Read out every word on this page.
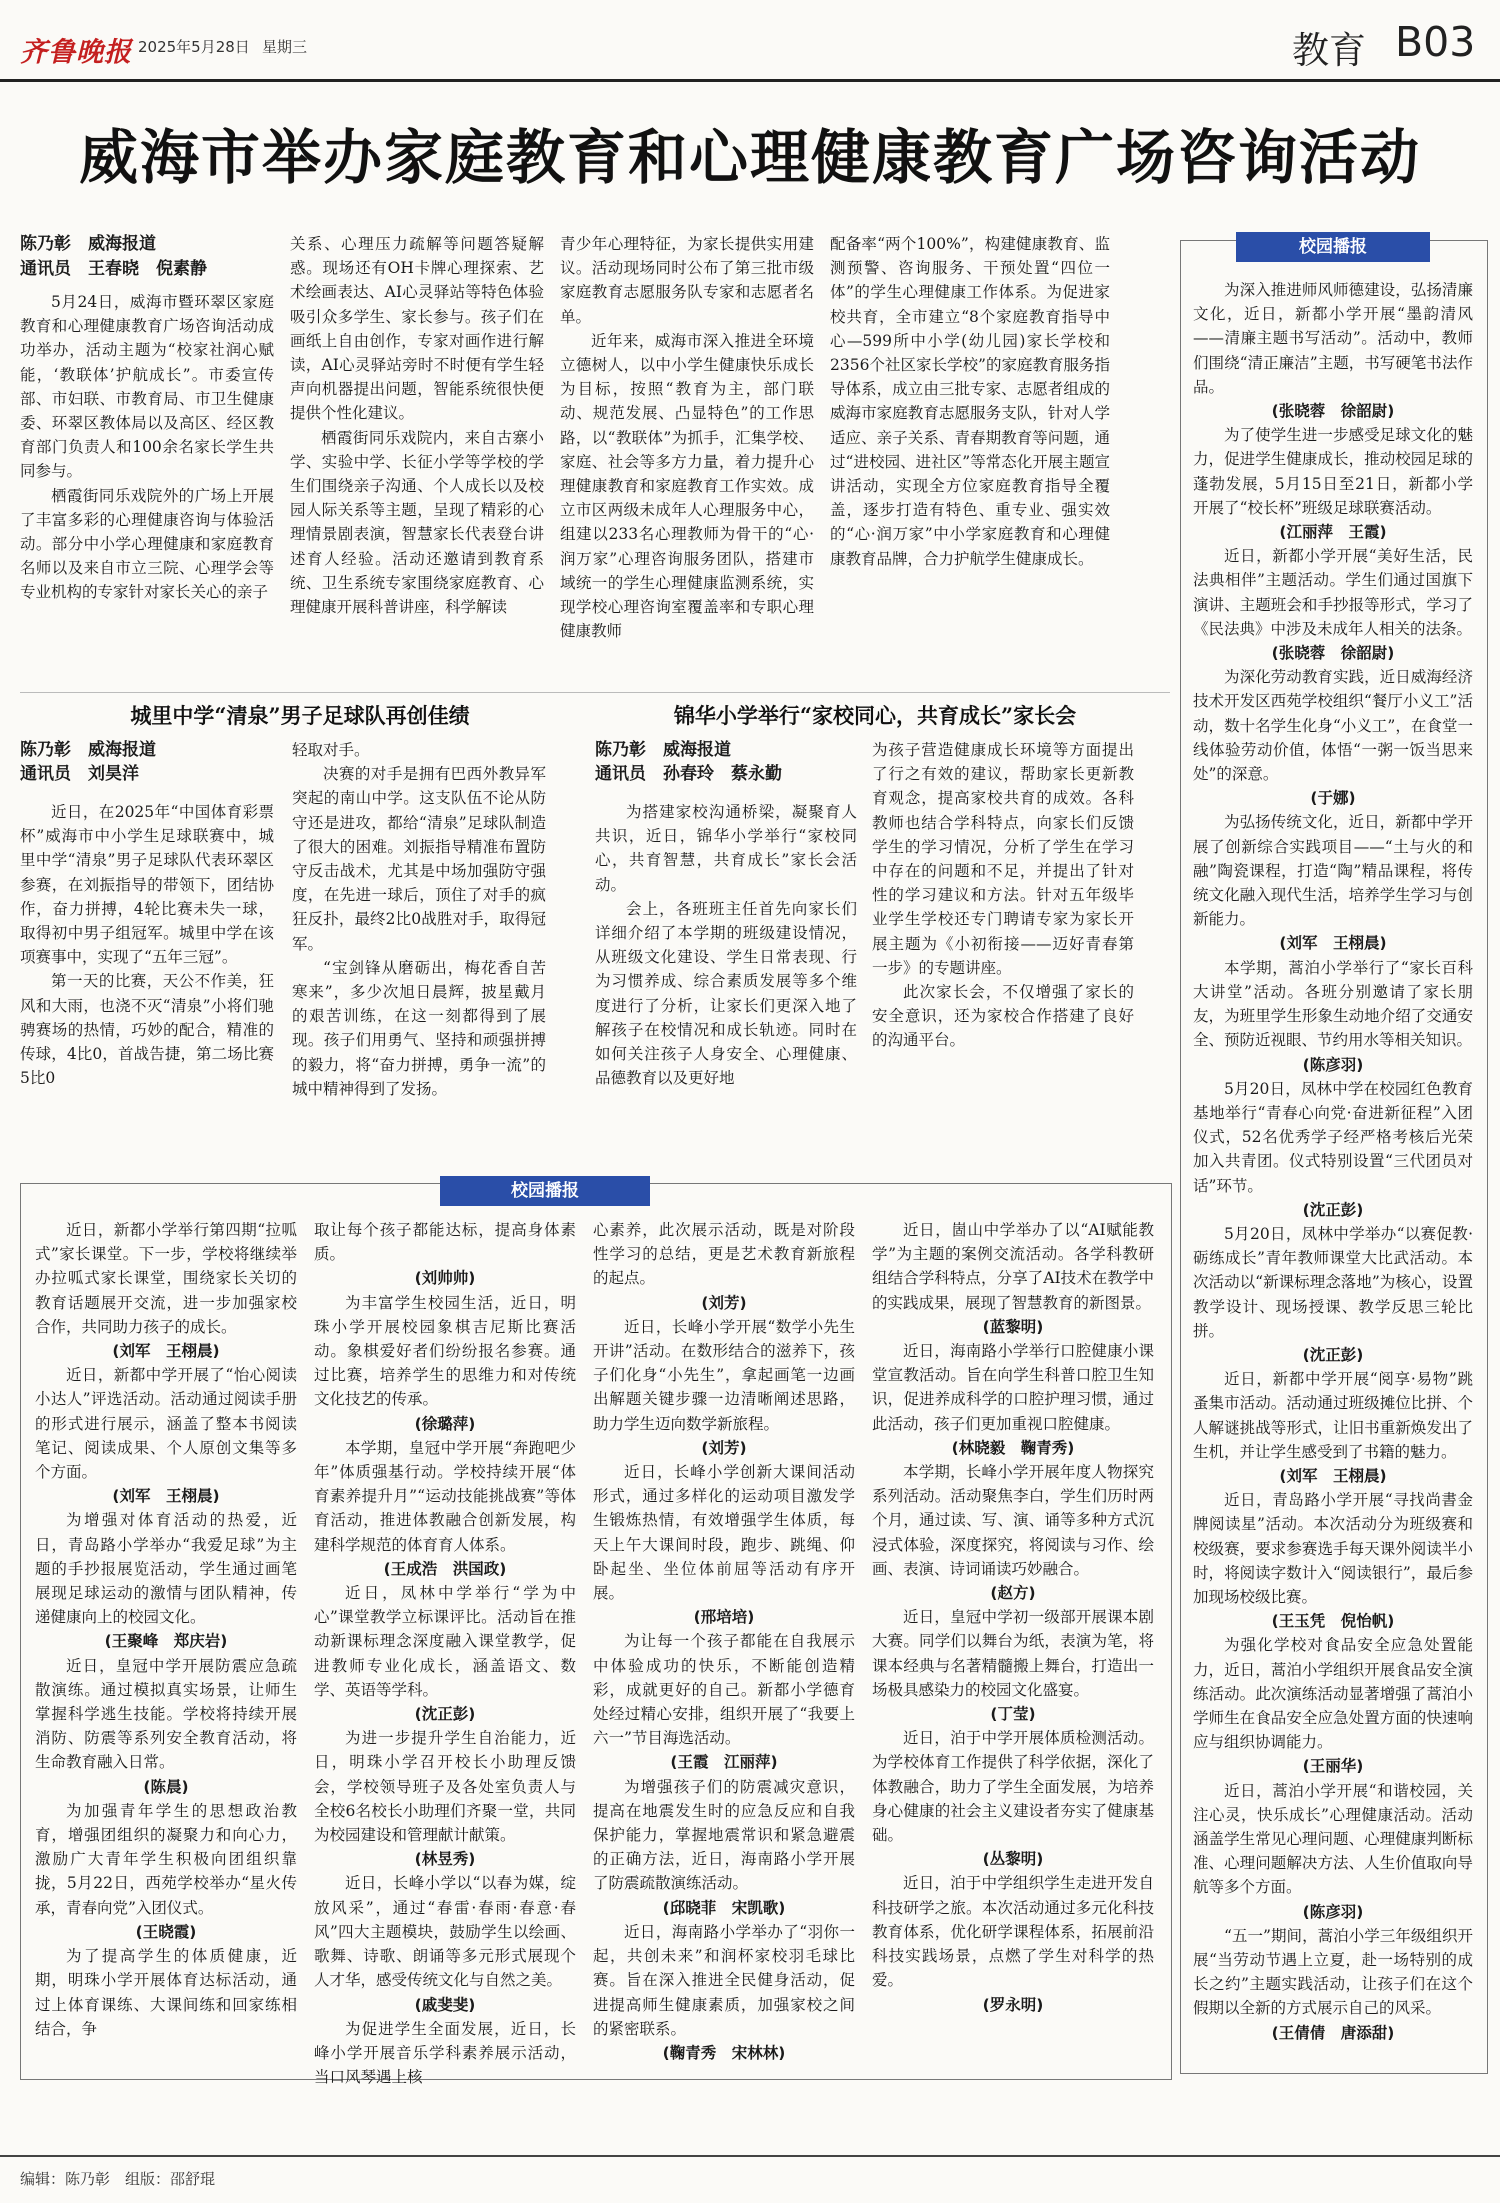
齐鲁晚报 2025年5月28日 星期三	教育 B03
威海市举办家庭教育和心理健康教育广场咨询活动
陈乃彰　威海报道
通讯员　王春晓　倪素静

5月24日，威海市暨环翠区家庭教育和心理健康教育广场咨询活动成功举办，活动主题为“校家社润心赋能，‘教联体’护航成长”。市委宣传部、市妇联、市教育局、市卫生健康委、环翠区教体局以及高区、经区教育部门负责人和100余名家长学生共同参与。

栖霞街同乐戏院外的广场上开展了丰富多彩的心理健康咨询与体验活动。部分中小学心理健康和家庭教育名师以及来自市立三院、心理学会等专业机构的专家针对家长关心的亲子

关系、心理压力疏解等问题答疑解惑。现场还有OH卡牌心理探索、艺术绘画表达、AI心灵驿站等特色体验吸引众多学生、家长参与。孩子们在画纸上自由创作，专家对画作进行解读，AI心灵驿站旁时不时便有学生轻声向机器提出问题，智能系统很快便提供个性化建议。

栖霞街同乐戏院内，来自古寨小学、实验中学、长征小学等学校的学生们围绕亲子沟通、个人成长以及校园人际关系等主题，呈现了精彩的心理情景剧表演，智慧家长代表登台讲述育人经验。活动还邀请到教育系统、卫生系统专家围绕家庭教育、心理健康开展科普讲座，科学解读

青少年心理特征，为家长提供实用建议。活动现场同时公布了第三批市级家庭教育志愿服务队专家和志愿者名单。

近年来，威海市深入推进全环境立德树人，以中小学生健康快乐成长为目标，按照“教育为主，部门联动、规范发展、凸显特色”的工作思路，以“教联体”为抓手，汇集学校、家庭、社会等多方力量，着力提升心理健康教育和家庭教育工作实效。成立市区两级未成年人心理服务中心，组建以233名心理教师为骨干的“心·润万家”心理咨询服务团队，搭建市域统一的学生心理健康监测系统，实现学校心理咨询室覆盖率和专职心理健康教师

配备率“两个100%”，构建健康教育、监测预警、咨询服务、干预处置“四位一体”的学生心理健康工作体系。为促进家校共育，全市建立“8个家庭教育指导中心—599所中小学(幼儿园)家长学校和2356个社区家长学校”的家庭教育服务指导体系，成立由三批专家、志愿者组成的威海市家庭教育志愿服务支队，针对人学适应、亲子关系、青春期教育等问题，通过“进校园、进社区”等常态化开展主题宣讲活动，实现全方位家庭教育指导全覆盖，逐步打造有特色、重专业、强实效的“心·润万家”中小学家庭教育和心理健康教育品牌，合力护航学生健康成长。

城里中学“清泉”男子足球队再创佳绩
陈乃彰　威海报道
通讯员　刘昊洋

近日，在2025年“中国体育彩票杯”威海市中小学生足球联赛中，城里中学“清泉”男子足球队代表环翠区参赛，在刘振指导的带领下，团结协作，奋力拼搏，4轮比赛未失一球，取得初中男子组冠军。城里中学在该项赛事中，实现了“五年三冠”。

第一天的比赛，天公不作美，狂风和大雨，也浇不灭“清泉”小将们驰骋赛场的热情，巧妙的配合，精准的传球，4比0，首战告捷，第二场比赛5比0

轻取对手。

决赛的对手是拥有巴西外教异军突起的南山中学。这支队伍不论从防守还是进攻，都给“清泉”足球队制造了很大的困难。刘振指导精准布置防守反击战术，尤其是中场加强防守强度，在先进一球后，顶住了对手的疯狂反扑，最终2比0战胜对手，取得冠军。

“宝剑锋从磨砺出，梅花香自苦寒来”，多少次旭日晨辉，披星戴月的艰苦训练，在这一刻都得到了展现。孩子们用勇气、坚持和顽强拼搏的毅力，将“奋力拼搏，勇争一流”的城中精神得到了发扬。

锦华小学举行“家校同心，共育成长”家长会
陈乃彰　威海报道
通讯员　孙春玲　蔡永勤

为搭建家校沟通桥梁，凝聚育人共识，近日，锦华小学举行“家校同心，共育智慧，共育成长”家长会活动。

会上，各班班主任首先向家长们详细介绍了本学期的班级建设情况，从班级文化建设、学生日常表现、行为习惯养成、综合素质发展等多个维度进行了分析，让家长们更深入地了解孩子在校情况和成长轨迹。同时在如何关注孩子人身安全、心理健康、品德教育以及更好地

为孩子营造健康成长环境等方面提出了行之有效的建议，帮助家长更新教育观念，提高家校共育的成效。各科教师也结合学科特点，向家长们反馈学生的学习情况，分析了学生在学习中存在的问题和不足，并提出了针对性的学习建议和方法。针对五年级毕业学生学校还专门聘请专家为家长开展主题为《小初衔接——迈好青春第一步》的专题讲座。

此次家长会，不仅增强了家长的安全意识，还为家校合作搭建了良好的沟通平台。

校园播报

为深入推进师风师德建设，弘扬清廉文化，近日，新都小学开展“墨韵清风——清廉主题书写活动”。活动中，教师们围绕“清正廉洁”主题，书写硬笔书法作品。

(张晓蓉　徐韶尉)

为了使学生进一步感受足球文化的魅力，促进学生健康成长，推动校园足球的蓬勃发展，5月15日至21日，新都小学开展了“校长杯”班级足球联赛活动。

(江丽萍　王霞)

近日，新都小学开展“美好生活，民法典相伴”主题活动。学生们通过国旗下演讲、主题班会和手抄报等形式，学习了《民法典》中涉及未成年人相关的法条。

(张晓蓉　徐韶尉)

为深化劳动教育实践，近日威海经济技术开发区西苑学校组织“餐厅小义工”活动，数十名学生化身“小义工”，在食堂一线体验劳动价值，体悟“一粥一饭当思来处”的深意。

(于娜)

为弘扬传统文化，近日，新都中学开展了创新综合实践项目——“土与火的和融”陶瓷课程，打造“陶”精品课程，将传统文化融入现代生活，培养学生学习与创新能力。

(刘军　王栩晨)

本学期，蒿泊小学举行了“家长百科大讲堂”活动。各班分别邀请了家长朋友，为班里学生形象生动地介绍了交通安全、预防近视眼、节约用水等相关知识。

(陈彦羽)

5月20日，凤林中学在校园红色教育基地举行“青春心向党·奋进新征程”入团仪式，52名优秀学子经严格考核后光荣加入共青团。仪式特别设置“三代团员对话”环节。

(沈正彭)

5月20日，凤林中学举办“以赛促教·砺练成长”青年教师课堂大比武活动。本次活动以“新课标理念落地”为核心，设置教学设计、现场授课、教学反思三轮比拼。

(沈正彭)

近日，新都中学开展“阅享·易物”跳蚤集市活动。活动通过班级摊位比拼、个人解谜挑战等形式，让旧书重新焕发出了生机，并让学生感受到了书籍的魅力。

(刘军　王栩晨)

近日，青岛路小学开展“寻找尚書金牌阅读星”活动。本次活动分为班级赛和校级赛，要求参赛选手每天课外阅读半小时，将阅读字数计入“阅读银行”，最后参加现场校级比赛。

(王玉凭　倪怡帆)

为强化学校对食品安全应急处置能力，近日，蒿泊小学组织开展食品安全演练活动。此次演练活动显著增强了蒿泊小学师生在食品安全应急处置方面的快速响应与组织协调能力。

(王丽华)

近日，蒿泊小学开展“和谐校园，关注心灵，快乐成长”心理健康活动。活动涵盖学生常见心理问题、心理健康判断标准、心理问题解决方法、人生价值取向导航等多个方面。

(陈彦羽)

“五一”期间，蒿泊小学三年级组织开展“当劳动节遇上立夏，赴一场特别的成长之约”主题实践活动，让孩子们在这个假期以全新的方式展示自己的风采。

(王倩倩　唐添甜)

校园播报

近日，新都小学举行第四期“拉呱式”家长课堂。下一步，学校将继续举办拉呱式家长课堂，围绕家长关切的教育话题展开交流，进一步加强家校合作，共同助力孩子的成长。

(刘军　王栩晨)

近日，新都中学开展了“怡心阅读小达人”评选活动。活动通过阅读手册的形式进行展示，涵盖了整本书阅读笔记、阅读成果、个人原创文集等多个方面。

(刘军　王栩晨)

为增强对体育活动的热爱，近日，青岛路小学举办“我爱足球”为主题的手抄报展览活动，学生通过画笔展现足球运动的激情与团队精神，传递健康向上的校园文化。

(王聚峰　郑庆岩)

近日，皇冠中学开展防震应急疏散演练。通过模拟真实场景，让师生掌握科学逃生技能。学校将持续开展消防、防震等系列安全教育活动，将生命教育融入日常。

(陈晨)

为加强青年学生的思想政治教育，增强团组织的凝聚力和向心力，激励广大青年学生积极向团组织靠拢，5月22日，西苑学校举办“星火传承，青春向党”入团仪式。

(王晓霞)

为了提高学生的体质健康，近期，明珠小学开展体育达标活动，通过上体育课练、大课间练和回家练相结合，争

取让每个孩子都能达标，提高身体素质。

(刘帅帅)

为丰富学生校园生活，近日，明珠小学开展校园象棋吉尼斯比赛活动。象棋爱好者们纷纷报名参赛。通过比赛，培养学生的思维力和对传统文化技艺的传承。

(徐璐萍)

本学期，皇冠中学开展“奔跑吧少年”体质强基行动。学校持续开展“体育素养提升月”“运动技能挑战赛”等体育活动，推进体教融合创新发展，构建科学规范的体育育人体系。

(王成浩　洪国政)

近日，凤林中学举行“学为中心”课堂教学立标课评比。活动旨在推动新课标理念深度融入课堂教学，促进教师专业化成长，涵盖语文、数学、英语等学科。

(沈正彭)

为进一步提升学生自治能力，近日，明珠小学召开校长小助理反馈会，学校领导班子及各处室负责人与全校6名校长小助理们齐聚一堂，共同为校园建设和管理献计献策。

(林昱秀)

近日，长峰小学以“以春为媒，绽放风采”，通过“春雷·春雨·春意·春风”四大主题模块，鼓励学生以绘画、歌舞、诗歌、朗诵等多元形式展现个人才华，感受传统文化与自然之美。

(戚斐斐)

为促进学生全面发展，近日，长峰小学开展音乐学科素养展示活动，当口风琴遇上核

心素养，此次展示活动，既是对阶段性学习的总结，更是艺术教育新旅程的起点。

(刘芳)

近日，长峰小学开展“数学小先生开讲”活动。在数形结合的滋养下，孩子们化身“小先生”，拿起画笔一边画出解题关键步骤一边清晰阐述思路，助力学生迈向数学新旅程。

(刘芳)

近日，长峰小学创新大课间活动形式，通过多样化的运动项目激发学生锻炼热情，有效增强学生体质，每天上午大课间时段，跑步、跳绳、仰卧起坐、坐位体前屈等活动有序开展。

(邢培培)

为让每一个孩子都能在自我展示中体验成功的快乐，不断能创造精彩，成就更好的自己。新都小学德育处经过精心安排，组织开展了“我要上六一”节目海选活动。

(王霞　江丽萍)

为增强孩子们的防震减灾意识，提高在地震发生时的应急反应和自我保护能力，掌握地震常识和紧急避震的正确方法，近日，海南路小学开展了防震疏散演练活动。

(邱晓菲　宋凯歌)

近日，海南路小学举办了“羽你一起，共创未来”和润杯家校羽毛球比赛。旨在深入推进全民健身活动，促进提高师生健康素质，加强家校之间的紧密联系。

(鞠青秀　宋林林)

近日，崮山中学举办了以“AI赋能教学”为主题的案例交流活动。各学科教研组结合学科特点，分享了AI技术在教学中的实践成果，展现了智慧教育的新图景。

(蓝黎明)

近日，海南路小学举行口腔健康小课堂宣教活动。旨在向学生科普口腔卫生知识，促进养成科学的口腔护理习惯，通过此活动，孩子们更加重视口腔健康。

(林晓毅　鞠青秀)

本学期，长峰小学开展年度人物探究系列活动。活动聚焦李白，学生们历时两个月，通过读、写、演、诵等多种方式沉浸式体验，深度探究，将阅读与习作、绘画、表演、诗词诵读巧妙融合。

(赵方)

近日，皇冠中学初一级部开展课本剧大赛。同学们以舞台为纸，表演为笔，将课本经典与名著精髓搬上舞台，打造出一场极具感染力的校园文化盛宴。

(丁莹)

近日，泊于中学开展体质检测活动。为学校体育工作提供了科学依据，深化了体教融合，助力了学生全面发展，为培养身心健康的社会主义建设者夯实了健康基础。

(丛黎明)

近日，泊于中学组织学生走进开发自科技研学之旅。本次活动通过多元化科技教育体系，优化研学课程体系，拓展前沿科技实践场景，点燃了学生对科学的热爱。

(罗永明)

编辑：陈乃彰　组版：邵舒琨
